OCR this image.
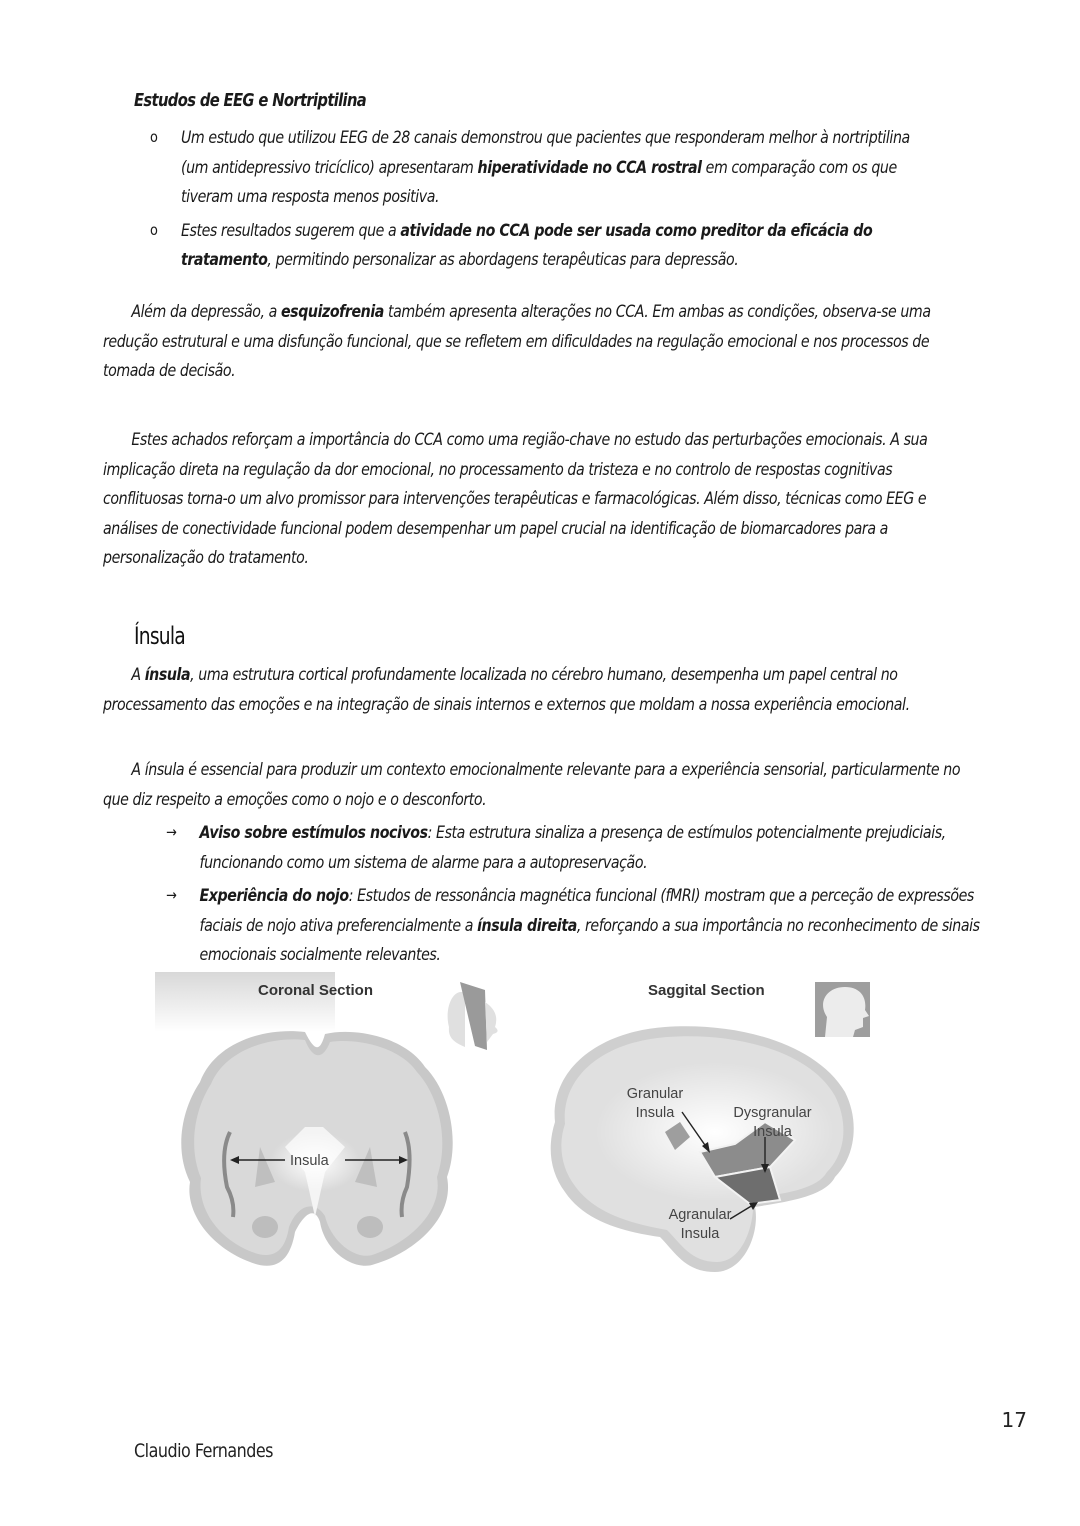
Estudos de EEG e Nortriptilina
o Um estudo que utilizou EEG de 28 canais demonstrou que pacientes que responderam melhor à nortriptilina (um antidepressivo tricíclico) apresentaram hiperatividade no CCA rostral em comparação com os que tiveram uma resposta menos positiva.
o Estes resultados sugerem que a atividade no CCA pode ser usada como preditor da eficácia do tratamento, permitindo personalizar as abordagens terapêuticas para depressão.

Além da depressão, a esquizofrenia também apresenta alterações no CCA. Em ambas as condições, observa-se uma redução estrutural e uma disfunção funcional, que se refletem em dificuldades na regulação emocional e nos processos de tomada de decisão.

Estes achados reforçam a importância do CCA como uma região-chave no estudo das perturbações emocionais. A sua implicação direta na regulação da dor emocional, no processamento da tristeza e no controlo de respostas cognitivas conflituosas torna-o um alvo promissor para intervenções terapêuticas e farmacológicas. Além disso, técnicas como EEG e análises de conectividade funcional podem desempenhar um papel crucial na identificação de biomarcadores para a personalização do tratamento.

Ínsula

A ínsula, uma estrutura cortical profundamente localizada no cérebro humano, desempenha um papel central no processamento das emoções e na integração de sinais internos e externos que moldam a nossa experiência emocional.

A ínsula é essencial para produzir um contexto emocionalmente relevante para a experiência sensorial, particularmente no que diz respeito a emoções como o nojo e o desconforto.

→ Aviso sobre estímulos nocivos: Esta estrutura sinaliza a presença de estímulos potencialmente prejudiciais, funcionando como um sistema de alarme para a autopreservação.
→ Experiência do nojo: Estudos de ressonância magnética funcional (fMRI) mostram que a perceção de expressões faciais de nojo ativa preferencialmente a ínsula direita, reforçando a sua importância no reconhecimento de sinais emocionais socialmente relevantes.
Coronal Section
Insula
Saggital Section
Granular
Insula	Dysgranular
Insula
Agranular
Insula
17
Claudio Fernandes
